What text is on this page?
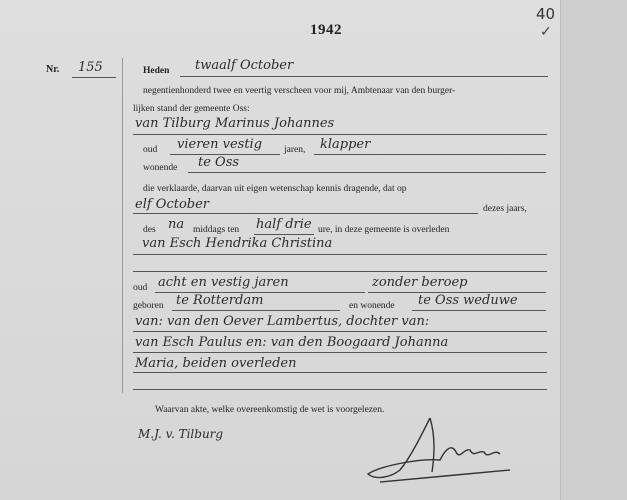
1942
40
✓
Nr. 155	Heden twaalf October
negentienhonderd twee en veertig verscheen voor mij, Ambtenaar van den burger-
lijken stand der gemeente Oss:
van Tilburg Marinus Johannes
oud vieren vestig jaren, klapper
wonende te Oss
die verklaarde, daarvan uit eigen wetenschap kennis dragende, dat op
elf October	dezes jaars,
des na middags ten half drie ure, in deze gemeente is overleden
van Esch Hendrika Christina
oud acht en vestig jaren	zonder beroep
geboren te Rotterdam	en wonende te Oss weduwe
van: van den Oever Lambertus, dochter van:
van Esch Paulus en: van den Boogaard Johanna
Maria, beiden overleden
Waarvan akte, welke overeenkomstig de wet is voorgelezen.
M.J. v. Tilburg
